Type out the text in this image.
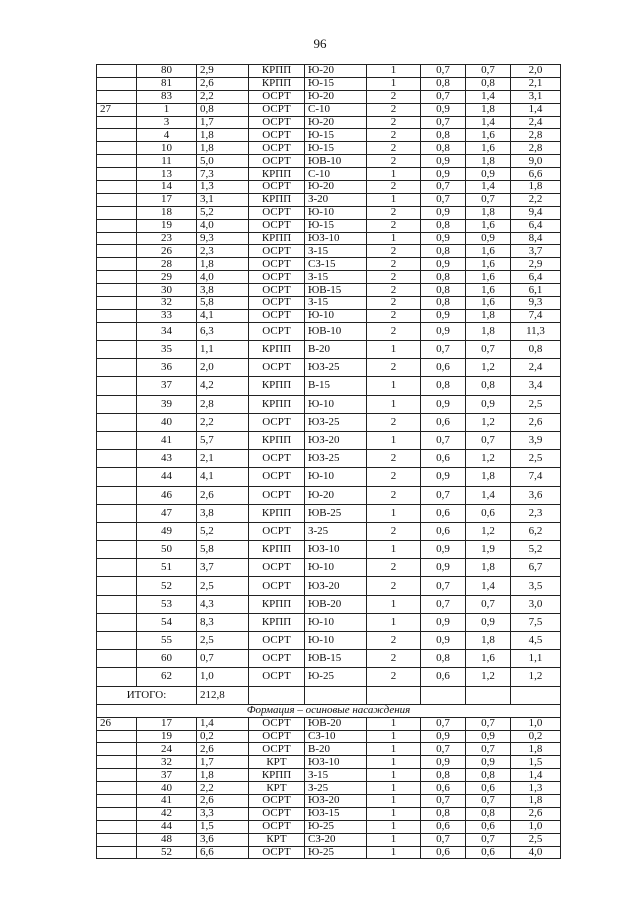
96
	80	2,9	КРПП	Ю-20	1	0,7	0,7	2,0
	81	2,6	КРПП	Ю-15	1	0,8	0,8	2,1
	83	2,2	ОСРТ	Ю-20	2	0,7	1,4	3,1
27	1	0,8	ОСРТ	С-10	2	0,9	1,8	1,4
	3	1,7	ОСРТ	Ю-20	2	0,7	1,4	2,4
	4	1,8	ОСРТ	Ю-15	2	0,8	1,6	2,8
	10	1,8	ОСРТ	Ю-15	2	0,8	1,6	2,8
	11	5,0	ОСРТ	ЮВ-10	2	0,9	1,8	9,0
	13	7,3	КРПП	С-10	1	0,9	0,9	6,6
	14	1,3	ОСРТ	Ю-20	2	0,7	1,4	1,8
	17	3,1	КРПП	З-20	1	0,7	0,7	2,2
	18	5,2	ОСРТ	Ю-10	2	0,9	1,8	9,4
	19	4,0	ОСРТ	Ю-15	2	0,8	1,6	6,4
	23	9,3	КРПП	ЮЗ-10	1	0,9	0,9	8,4
	26	2,3	ОСРТ	З-15	2	0,8	1,6	3,7
	28	1,8	ОСРТ	СЗ-15	2	0,9	1,6	2,9
	29	4,0	ОСРТ	З-15	2	0,8	1,6	6,4
	30	3,8	ОСРТ	ЮВ-15	2	0,8	1,6	6,1
	32	5,8	ОСРТ	З-15	2	0,8	1,6	9,3
	33	4,1	ОСРТ	Ю-10	2	0,9	1,8	7,4
	34	6,3	ОСРТ	ЮВ-10	2	0,9	1,8	11,3
	35	1,1	КРПП	В-20	1	0,7	0,7	0,8
	36	2,0	ОСРТ	ЮЗ-25	2	0,6	1,2	2,4
	37	4,2	КРПП	В-15	1	0,8	0,8	3,4
	39	2,8	КРПП	Ю-10	1	0,9	0,9	2,5
	40	2,2	ОСРТ	ЮЗ-25	2	0,6	1,2	2,6
	41	5,7	КРПП	ЮЗ-20	1	0,7	0,7	3,9
	43	2,1	ОСРТ	ЮЗ-25	2	0,6	1,2	2,5
	44	4,1	ОСРТ	Ю-10	2	0,9	1,8	7,4
	46	2,6	ОСРТ	Ю-20	2	0,7	1,4	3,6
	47	3,8	КРПП	ЮВ-25	1	0,6	0,6	2,3
	49	5,2	ОСРТ	З-25	2	0,6	1,2	6,2
	50	5,8	КРПП	ЮЗ-10	1	0,9	1,9	5,2
	51	3,7	ОСРТ	Ю-10	2	0,9	1,8	6,7
	52	2,5	ОСРТ	ЮЗ-20	2	0,7	1,4	3,5
	53	4,3	КРПП	ЮВ-20	1	0,7	0,7	3,0
	54	8,3	КРПП	Ю-10	1	0,9	0,9	7,5
	55	2,5	ОСРТ	Ю-10	2	0,9	1,8	4,5
	60	0,7	ОСРТ	ЮВ-15	2	0,8	1,6	1,1
	62	1,0	ОСРТ	Ю-25	2	0,6	1,2	1,2
ИТОГО:		212,8						
Формация – осиновые насаждения								
26	17	1,4	ОСРТ	ЮВ-20	1	0,7	0,7	1,0
	19	0,2	ОСРТ	СЗ-10	1	0,9	0,9	0,2
	24	2,6	ОСРТ	В-20	1	0,7	0,7	1,8
	32	1,7	КРТ	ЮЗ-10	1	0,9	0,9	1,5
	37	1,8	КРПП	З-15	1	0,8	0,8	1,4
	40	2,2	КРТ	З-25	1	0,6	0,6	1,3
	41	2,6	ОСРТ	ЮЗ-20	1	0,7	0,7	1,8
	42	3,3	ОСРТ	ЮЗ-15	1	0,8	0,8	2,6
	44	1,5	ОСРТ	Ю-25	1	0,6	0,6	1,0
	48	3,6	КРТ	СЗ-20	1	0,7	0,7	2,5
	52	6,6	ОСРТ	Ю-25	1	0,6	0,6	4,0
